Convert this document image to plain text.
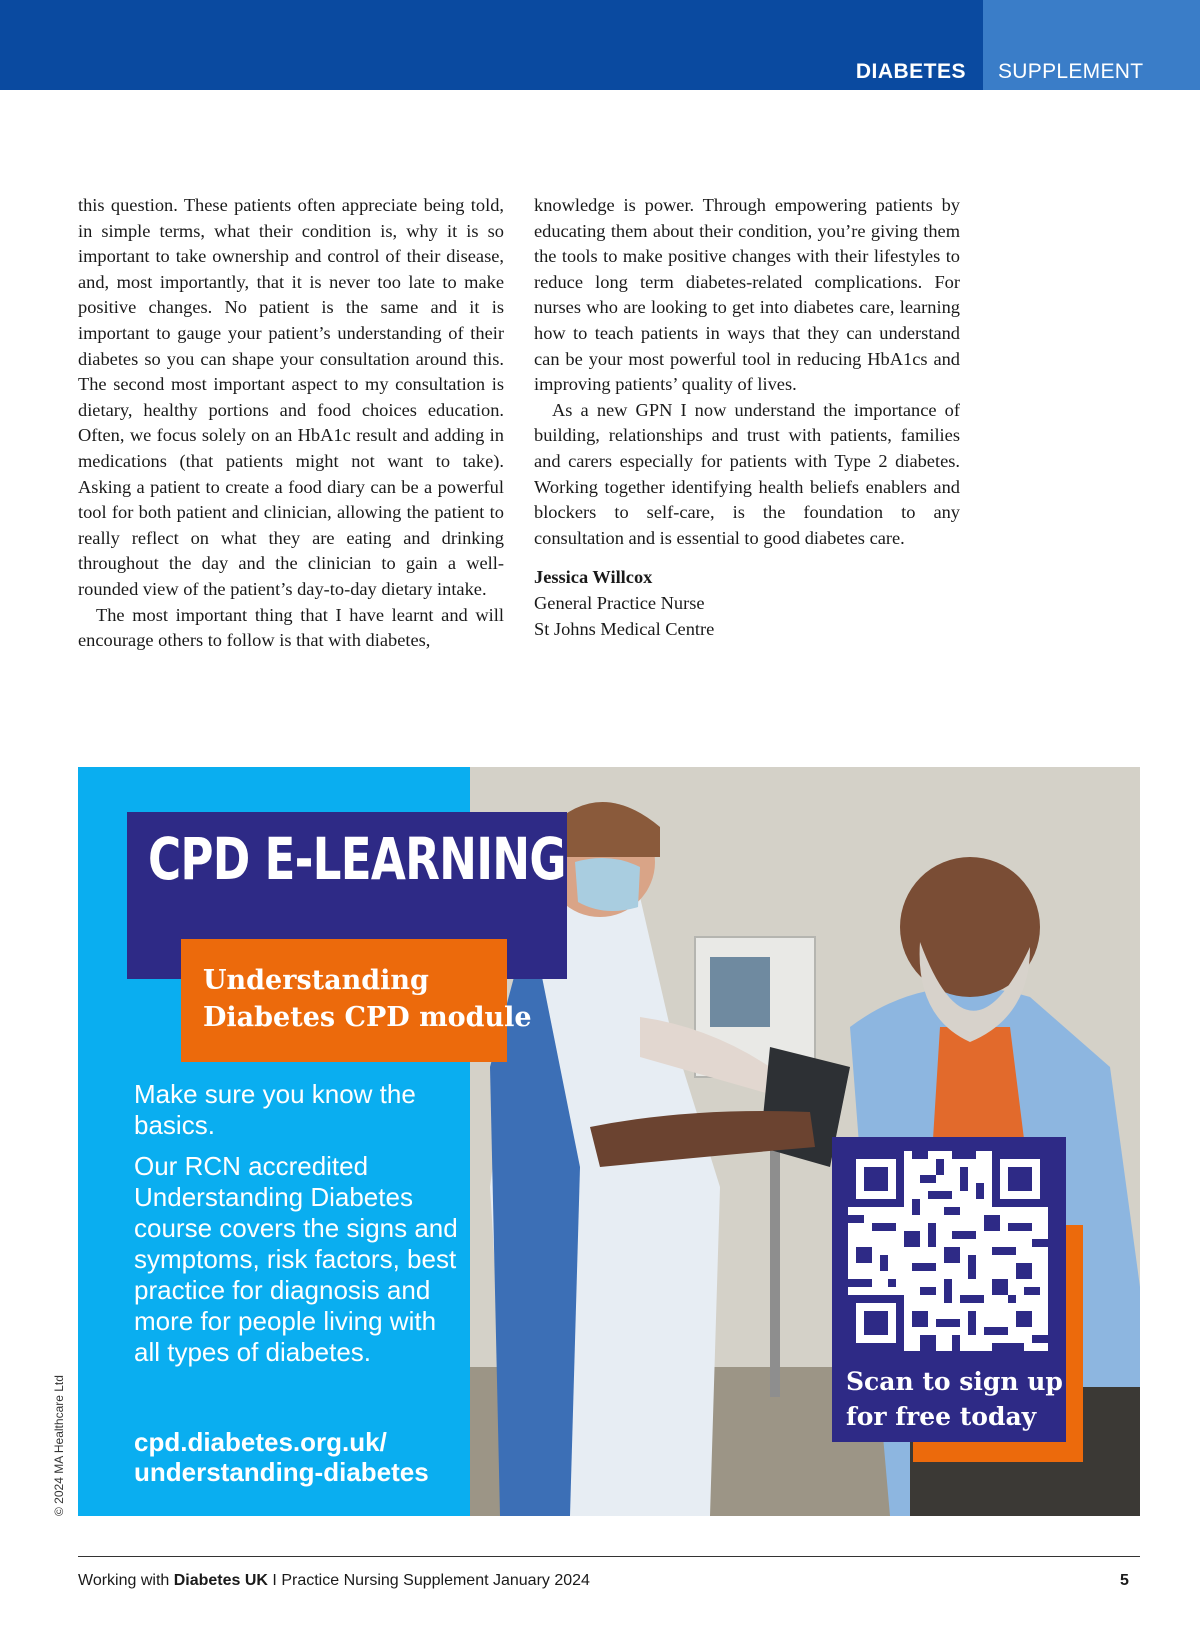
DIABETES SUPPLEMENT

this question. These patients often appreciate being told, in simple terms, what their condition is, why it is so important to take ownership and control of their disease, and, most importantly, that it is never too late to make positive changes. No patient is the same and it is important to gauge your patient’s understanding of their diabetes so you can shape your consultation around this. The second most important aspect to my consultation is dietary, healthy portions and food choices education. Often, we focus solely on an HbA1c result and adding in medications (that patients might not want to take). Asking a patient to create a food diary can be a powerful tool for both patient and clinician, allowing the patient to really reflect on what they are eating and drinking throughout the day and the clinician to gain a well-rounded view of the patient’s day-to-day dietary intake.

The most important thing that I have learnt and will encourage others to follow is that with diabetes,

knowledge is power. Through empowering patients by educating them about their condition, you’re giving them the tools to make positive changes with their lifestyles to reduce long term diabetes-related complications. For nurses who are looking to get into diabetes care, learning how to teach patients in ways that they can understand can be your most powerful tool in reducing HbA1cs and improving patients’ quality of lives.

As a new GPN I now understand the importance of building, relationships and trust with patients, families and carers especially for patients with Type 2 diabetes. Working together identifying health beliefs enablers and blockers to self-care, is the foundation to any consultation and is essential to good diabetes care.

Jessica Willcox
General Practice Nurse
St Johns Medical Centre
CPD E-LEARNING
Understanding
Diabetes CPD module

Make sure you know the basics.

Our RCN accredited Understanding Diabetes course covers the signs and symptoms, risk factors, best practice for diagnosis and more for people living with all types of diabetes.

cpd.diabetes.org.uk/
understanding-diabetes
Scan to sign up
for free today
© 2024 MA Healthcare Ltd
Working with Diabetes UK I Practice Nursing Supplement January 2024	5
